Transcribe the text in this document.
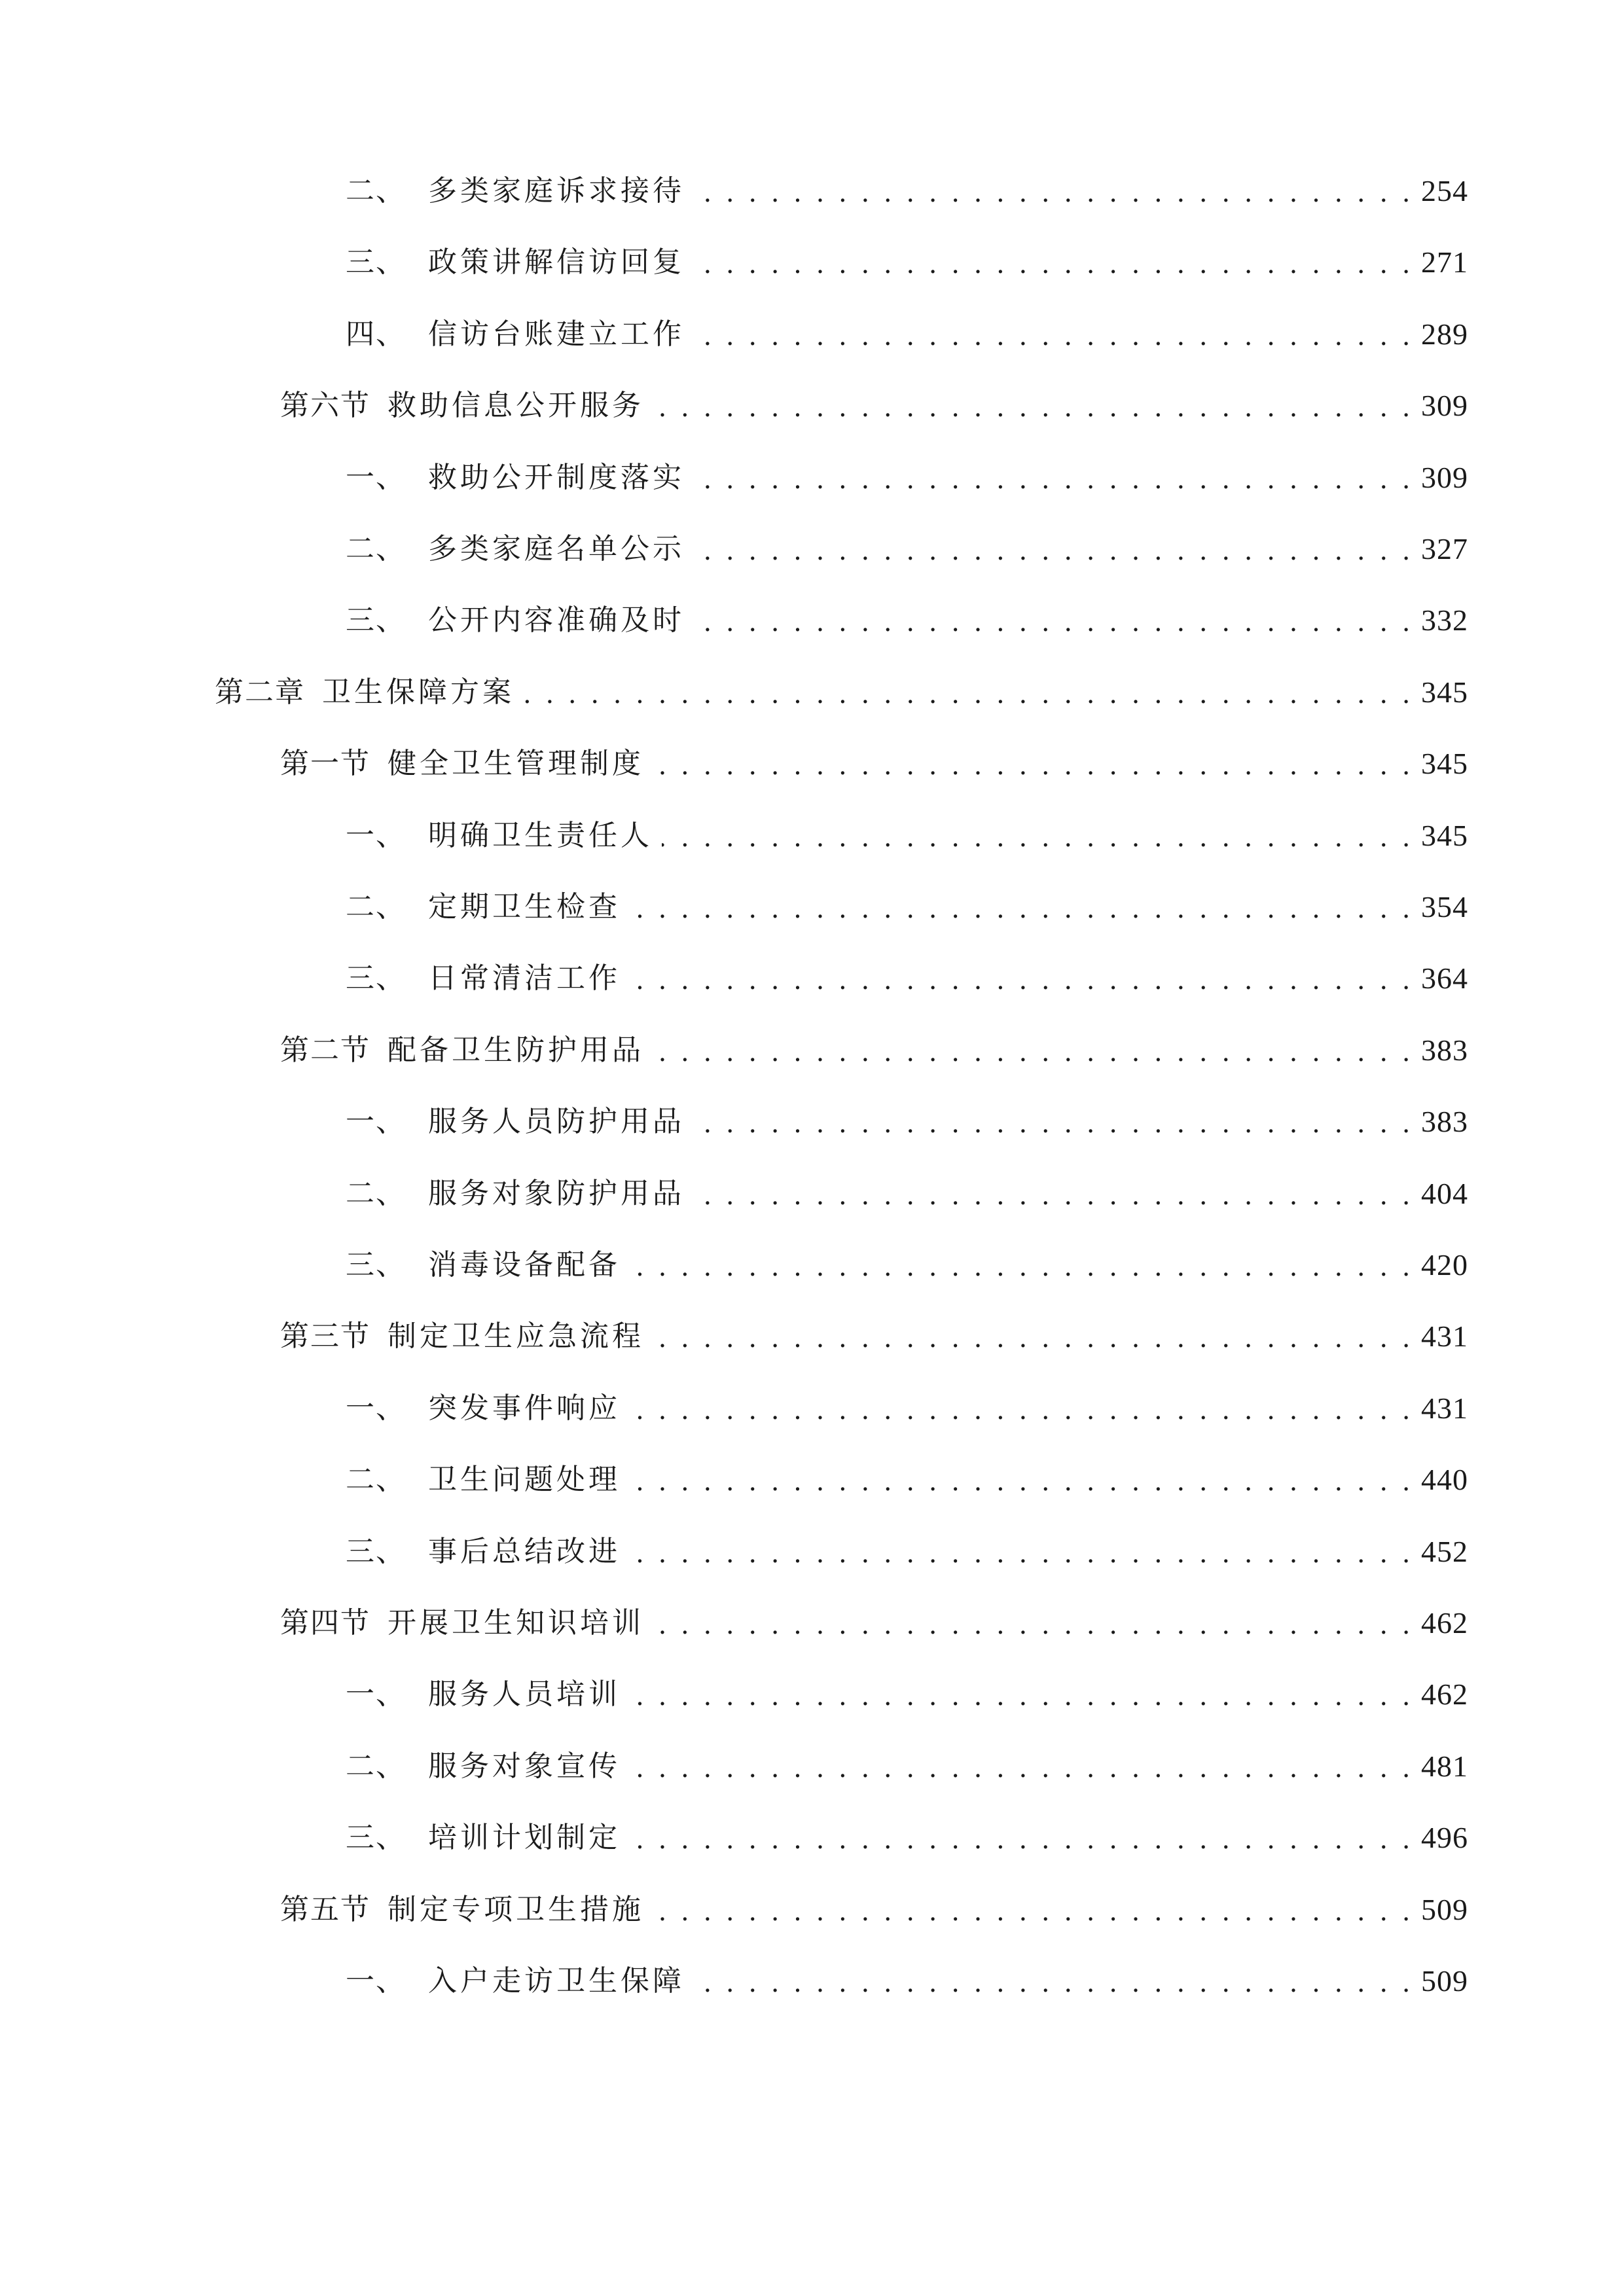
二、 多类家庭诉求接待 . . .	254
三、 政策讲解信访回复 . . .	271
四、 信访台账建立工作 . . .	289
第六节 救助信息公开服务 . . .	309
一、 救助公开制度落实 . . .	309
二、 多类家庭名单公示 . . .	327
三、 公开内容准确及时 . . .	332
第二章 卫生保障方案 . . .	345
第一节 健全卫生管理制度 . . .	345
一、 明确卫生责任人 . . .	345
二、 定期卫生检查 . . .	354
三、 日常清洁工作 . . .	364
第二节 配备卫生防护用品 . . .	383
一、 服务人员防护用品 . . .	383
二、 服务对象防护用品 . . .	404
三、 消毒设备配备 . . .	420
第三节 制定卫生应急流程 . . .	431
一、 突发事件响应 . . .	431
二、 卫生问题处理 . . .	440
三、 事后总结改进 . . .	452
第四节 开展卫生知识培训 . . .	462
一、 服务人员培训 . . .	462
二、 服务对象宣传 . . .	481
三、 培训计划制定 . . .	496
第五节 制定专项卫生措施 . . .	509
一、 入户走访卫生保障 . . .	509
